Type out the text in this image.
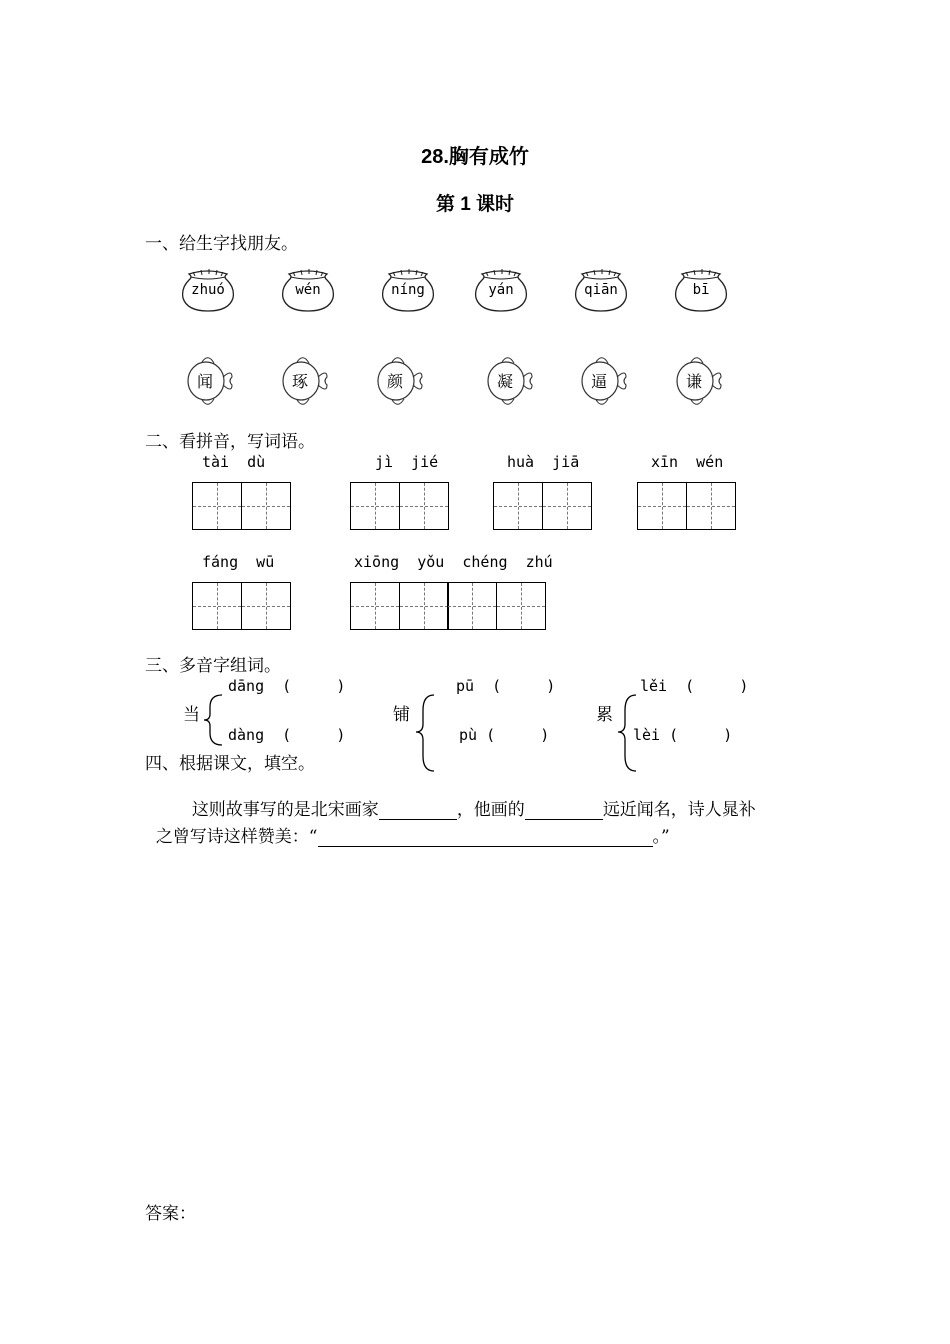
28.胸有成竹
第 1 课时
一、给生字找朋友。
zhuó	wén	níng	yán	qiān	bī
闻	琢	颜	凝	逼	谦
二、看拼音，写词语。
tài  dù	jì  jié	huà  jiā	xīn  wén
fáng  wū	xiōng  yǒu  chéng  zhú
三、多音字组词。
当
dāng  (     )
dàng  (     )
铺
pū  (     )
pù (     )
累
lěi  (     )
lèi (     )
四、根据课文，填空。

这则故事写的是北宋画家	，他画的	远近闻名，诗人晁补

之曾写诗这样赞美：“	。”

答案：
